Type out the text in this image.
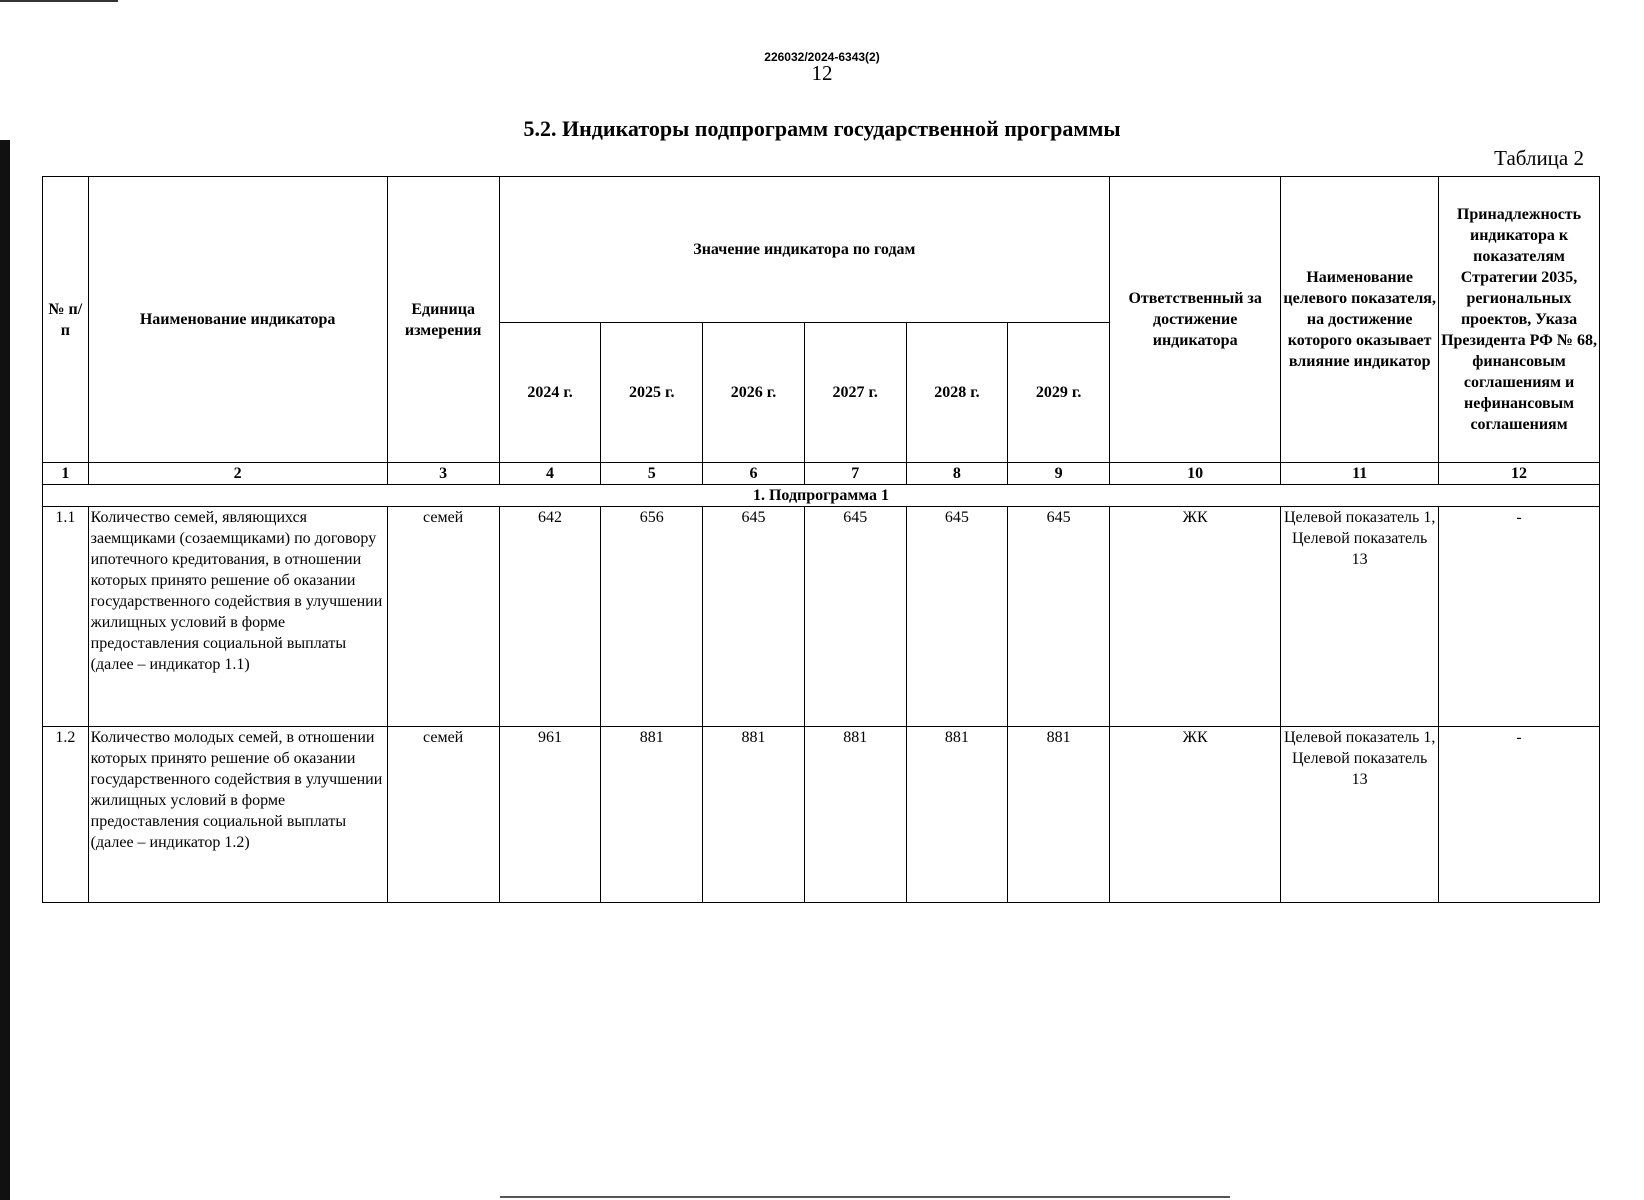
226032/2024-6343(2)
12
5.2. Индикаторы подпрограмм государственной программы
Таблица 2
№ п/п	Наименование индикатора	Единица измерения	Значение индикатора по годам						Ответственный за достижение индикатора	Наименование целевого показателя, на достижение которого оказывает влияние индикатор	Принадлежность индикатора к показателям Стратегии 2035, региональных проектов, Указа Президента РФ № 68, финансовым соглашениям и нефинансовым соглашениям
			2024 г.	2025 г.	2026 г.	2027 г.	2028 г.	2029 г.			
1	2	3	4	5	6	7	8	9	10	11	12
1. Подпрограмма 1											
1.1	Количество семей, являющихся заемщиками (созаемщиками) по договору ипотечного кредитования, в отношении которых принято решение об оказании государственного содействия в улучшении жилищных условий в форме предоставления социальной выплаты (далее – индикатор 1.1)	семей	642	656	645	645	645	645	ЖК	Целевой показатель 1, Целевой показатель 13	-
1.2	Количество молодых семей, в отношении которых принято решение об оказании государственного содействия в улучшении жилищных условий в форме предоставления социальной выплаты (далее – индикатор 1.2)	семей	961	881	881	881	881	881	ЖК	Целевой показатель 1, Целевой показатель 13	-
